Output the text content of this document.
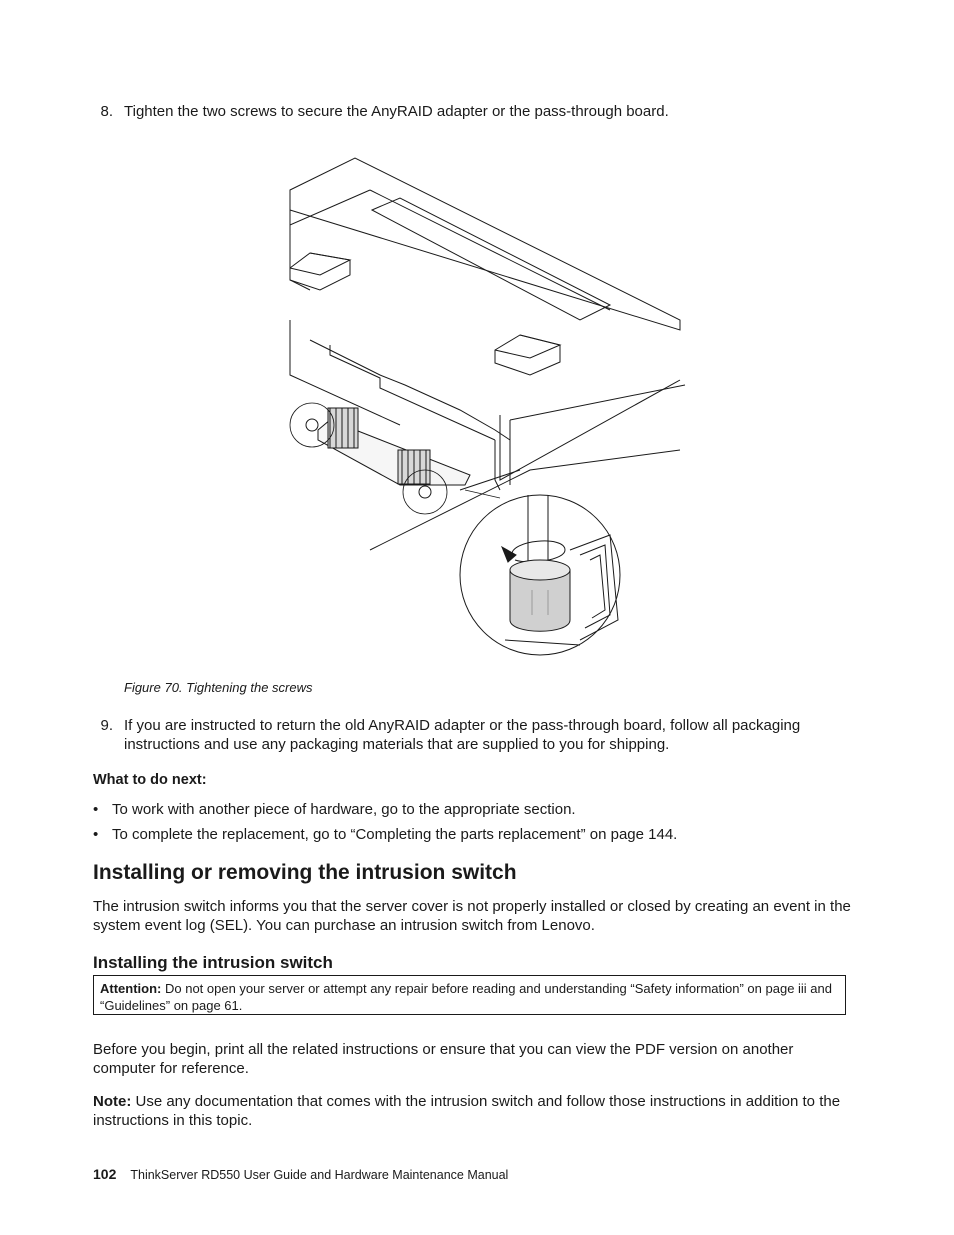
8. Tighten the two screws to secure the AnyRAID adapter or the pass-through board.
Figure 70. Tightening the screws
9. If you are instructed to return the old AnyRAID adapter or the pass-through board, follow all packaging instructions and use any packaging materials that are supplied to you for shipping.
What to do next:
• To work with another piece of hardware, go to the appropriate section.
• To complete the replacement, go to “Completing the parts replacement” on page 144.
Installing or removing the intrusion switch
The intrusion switch informs you that the server cover is not properly installed or closed by creating an event in the system event log (SEL). You can purchase an intrusion switch from Lenovo.
Installing the intrusion switch
Attention: Do not open your server or attempt any repair before reading and understanding “Safety information” on page iii and “Guidelines” on page 61.
Before you begin, print all the related instructions or ensure that you can view the PDF version on another computer for reference.
Note: Use any documentation that comes with the intrusion switch and follow those instructions in addition to the instructions in this topic.
102 ThinkServer RD550 User Guide and Hardware Maintenance Manual
